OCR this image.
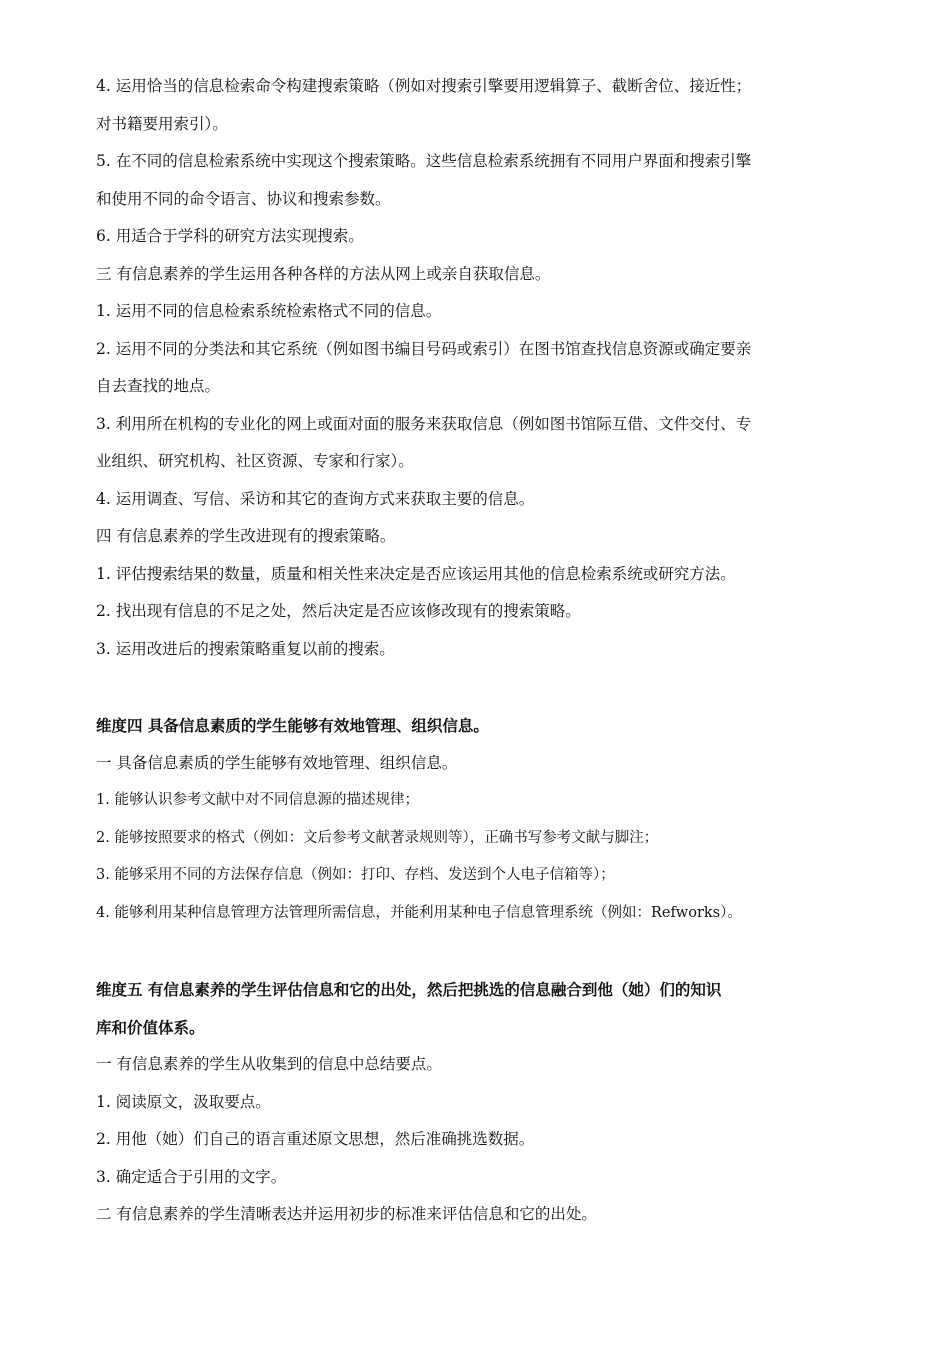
4. 运用恰当的信息检索命令构建搜索策略（例如对搜索引擎要用逻辑算子、截断舍位、接近性；
对书籍要用索引）。
5. 在不同的信息检索系统中实现这个搜索策略。这些信息检索系统拥有不同用户界面和搜索引擎
和使用不同的命令语言、协议和搜索参数。
6. 用适合于学科的研究方法实现搜索。
三 有信息素养的学生运用各种各样的方法从网上或亲自获取信息。
1. 运用不同的信息检索系统检索格式不同的信息。
2. 运用不同的分类法和其它系统（例如图书编目号码或索引）在图书馆查找信息资源或确定要亲
自去查找的地点。
3. 利用所在机构的专业化的网上或面对面的服务来获取信息（例如图书馆际互借、文件交付、专
业组织、研究机构、社区资源、专家和行家）。
4. 运用调查、写信、采访和其它的查询方式来获取主要的信息。
四 有信息素养的学生改进现有的搜索策略。
1. 评估搜索结果的数量，质量和相关性来决定是否应该运用其他的信息检索系统或研究方法。
2. 找出现有信息的不足之处，然后决定是否应该修改现有的搜索策略。
3. 运用改进后的搜索策略重复以前的搜索。
维度四 具备信息素质的学生能够有效地管理、组织信息。
一 具备信息素质的学生能够有效地管理、组织信息。
1. 能够认识参考文献中对不同信息源的描述规律；
2. 能够按照要求的格式（例如：文后参考文献著录规则等），正确书写参考文献与脚注；
3. 能够采用不同的方法保存信息（例如：打印、存档、发送到个人电子信箱等）；
4. 能够利用某种信息管理方法管理所需信息，并能利用某种电子信息管理系统（例如：Refworks）。
维度五 有信息素养的学生评估信息和它的出处，然后把挑选的信息融合到他（她）们的知识
库和价值体系。
一 有信息素养的学生从收集到的信息中总结要点。
1. 阅读原文，汲取要点。
2. 用他（她）们自己的语言重述原文思想，然后准确挑选数据。
3. 确定适合于引用的文字。
二 有信息素养的学生清晰表达并运用初步的标准来评估信息和它的出处。
